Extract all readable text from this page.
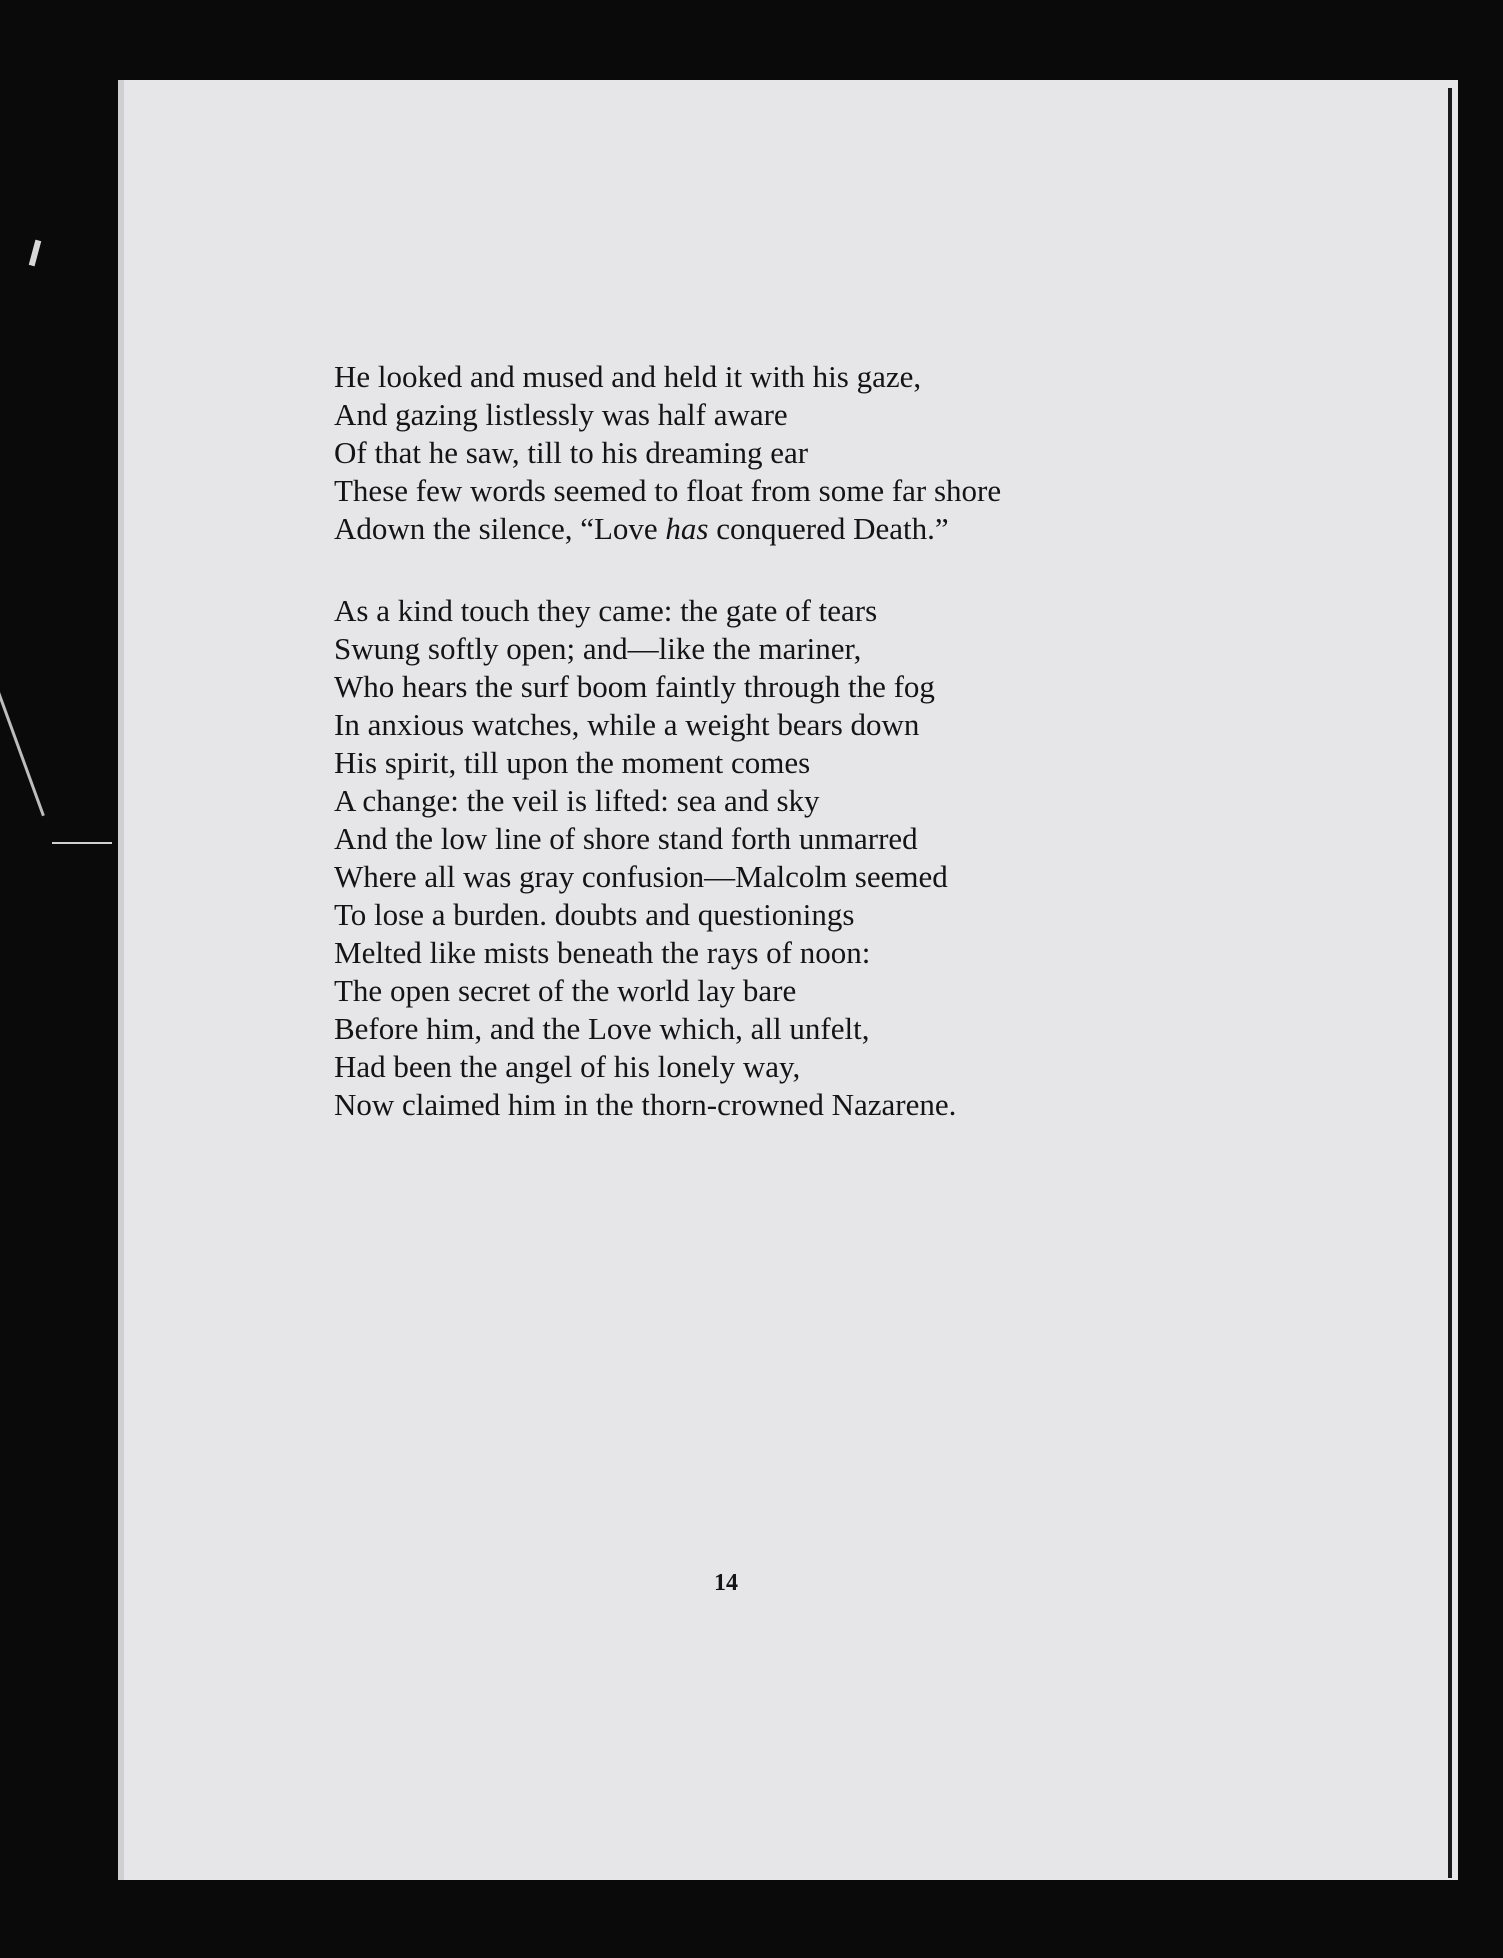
He looked and mused and held it with his gaze,
And gazing listlessly was half aware
Of that he saw, till to his dreaming ear
These few words seemed to float from some far shore
Adown the silence, “Love has conquered Death.”
As a kind touch they came: the gate of tears
Swung softly open; and—like the mariner,
Who hears the surf boom faintly through the fog
In anxious watches, while a weight bears down
His spirit, till upon the moment comes
A change: the veil is lifted: sea and sky
And the low line of shore stand forth unmarred
Where all was gray confusion—Malcolm seemed
To lose a burden. doubts and questionings
Melted like mists beneath the rays of noon:
The open secret of the world lay bare
Before him, and the Love which, all unfelt,
Had been the angel of his lonely way,
Now claimed him in the thorn-crowned Nazarene.
14
